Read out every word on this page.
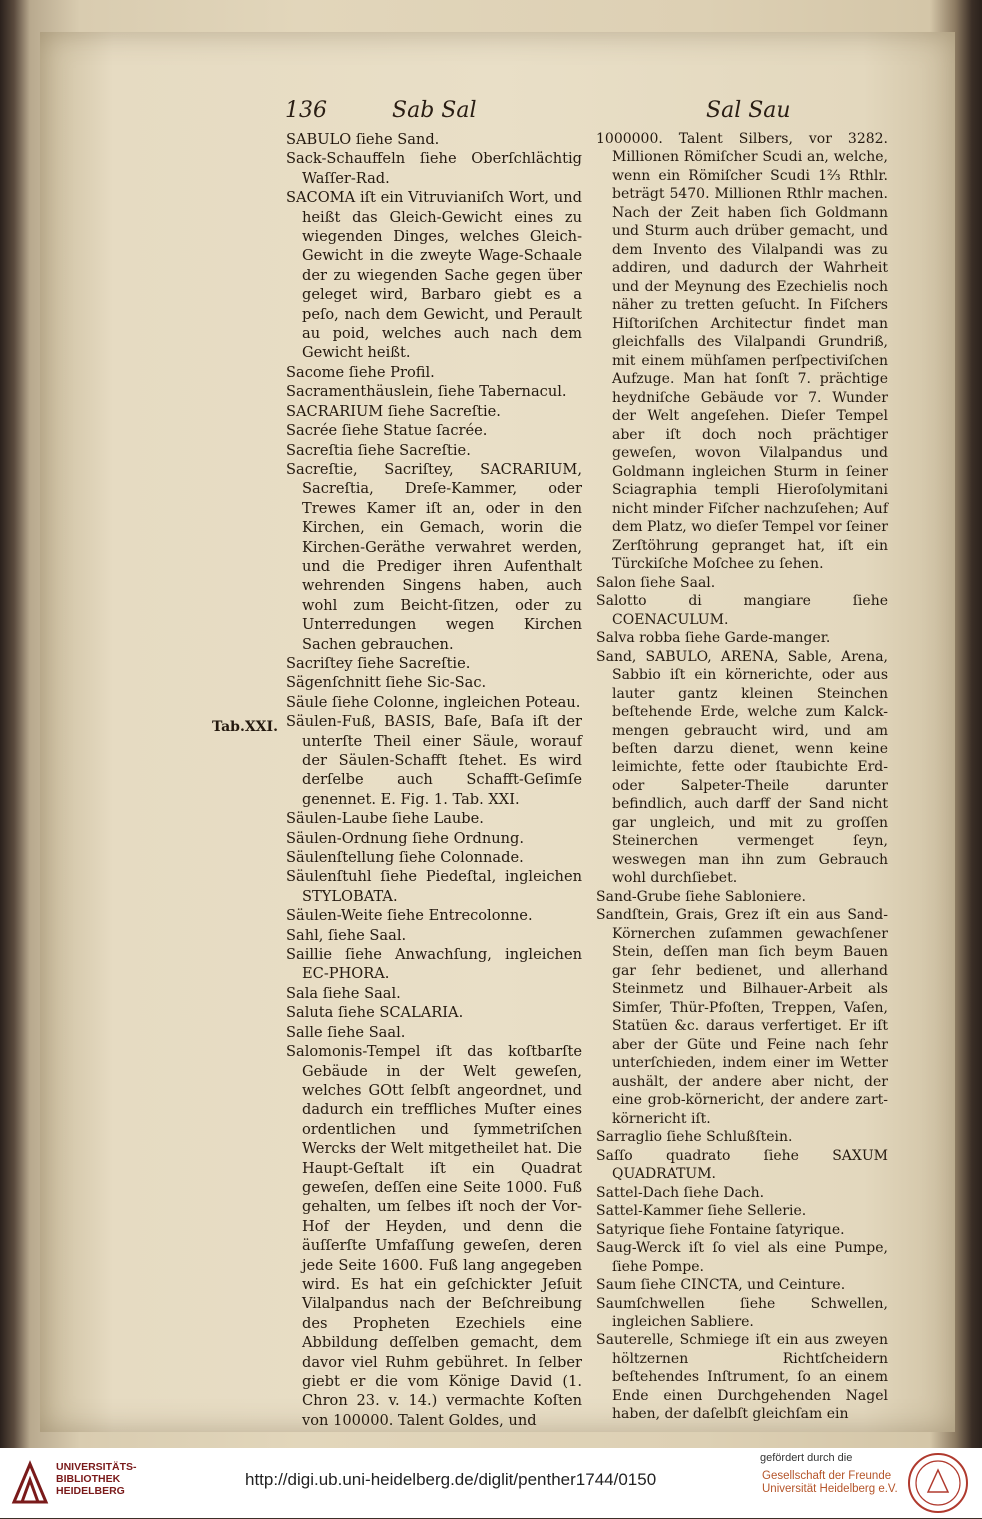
136	Sab Sal	Sal Sau
Tab.XXI.

SABULO ſiehe Sand.

Sack-Schauffeln ſiehe Oberſchlächtig Waſſer-Rad.

SACOMA iſt ein Vitruvianiſch Wort, und heißt das Gleich-Gewicht eines zu wiegenden Dinges, welches Gleich-Gewicht in die zweyte Wage-Schaale der zu wiegenden Sache gegen über geleget wird, Barbaro giebt es a peſo, nach dem Gewicht, und Perault au poid, welches auch nach dem Gewicht heißt.

Sacome ſiehe Profil.

Sacramenthäuslein, ſiehe Tabernacul.

SACRARIUM ſiehe Sacreſtie.

Sacrée ſiehe Statue ſacrée.

Sacreſtia ſiehe Sacreſtie.

Sacreſtie, Sacriſtey, SACRARIUM, Sacreſtia, Dreſe-Kammer, oder Trewes Kamer iſt an, oder in den Kirchen, ein Gemach, worin die Kirchen-Geräthe verwahret werden, und die Prediger ihren Aufenthalt wehrenden Singens haben, auch wohl zum Beicht-ſitzen, oder zu Unterredungen wegen Kirchen Sachen gebrauchen.

Sacriſtey ſiehe Sacreſtie.

Sägenſchnitt ſiehe Sic-Sac.

Säule ſiehe Colonne, ingleichen Poteau.

Säulen-Fuß, BASIS, Baſe, Baſa iſt der unterſte Theil einer Säule, worauf der Säulen-Schafft ſtehet. Es wird derſelbe auch Schafft-Geſimſe genennet. E. Fig. 1. Tab. XXI.

Säulen-Laube ſiehe Laube.

Säulen-Ordnung ſiehe Ordnung.

Säulenſtellung ſiehe Colonnade.

Säulenſtuhl ſiehe Piedeſtal, ingleichen STYLOBATA.

Säulen-Weite ſiehe Entrecolonne.

Sahl, ſiehe Saal.

Saillie ſiehe Anwachſung, ingleichen EC-PHORA.

Sala ſiehe Saal.

Saluta ſiehe SCALARIA.

Salle ſiehe Saal.

Salomonis-Tempel iſt das koſtbarſte Gebäude in der Welt geweſen, welches GOtt ſelbſt angeordnet, und dadurch ein treffliches Muſter eines ordentlichen und ſymmetriſchen Wercks der Welt mitgetheilet hat. Die Haupt-Geſtalt iſt ein Quadrat geweſen, deſſen eine Seite 1000. Fuß gehalten, um ſelbes iſt noch der Vor-Hof der Heyden, und denn die äuſſerſte Umfaſſung geweſen, deren jede Seite 1600. Fuß lang angegeben wird. Es hat ein geſchickter Jeſuit Vilalpandus nach der Beſchreibung des Propheten Ezechiels eine Abbildung deſſelben gemacht, dem davor viel Ruhm gebühret. In ſelber giebt er die vom Könige David (1. Chron 23. v. 14.) vermachte Koſten von 100000. Talent Goldes, und

1000000. Talent Silbers, vor 3282. Millionen Römiſcher Scudi an, welche, wenn ein Römiſcher Scudi 1⅔ Rthlr. beträgt 5470. Millionen Rthlr machen. Nach der Zeit haben ſich Goldmann und Sturm auch drüber gemacht, und dem Invento des Vilalpandi was zu addiren, und dadurch der Wahrheit und der Meynung des Ezechielis noch näher zu tretten geſucht. In Fiſchers Hiſtoriſchen Architectur findet man gleichfalls des Vilalpandi Grundriß, mit einem mühſamen perſpectiviſchen Aufzuge. Man hat ſonſt 7. prächtige heydniſche Gebäude vor 7. Wunder der Welt angeſehen. Dieſer Tempel aber iſt doch noch prächtiger geweſen, wovon Vilalpandus und Goldmann ingleichen Sturm in ſeiner Sciagraphia templi Hieroſolymitani nicht minder Fiſcher nachzuſehen; Auf dem Platz, wo dieſer Tempel vor ſeiner Zerſtöhrung gepranget hat, iſt ein Türckiſche Moſchee zu ſehen.

Salon ſiehe Saal.

Salotto di mangiare ſiehe COENACULUM.

Salva robba ſiehe Garde-manger.

Sand, SABULO, ARENA, Sable, Arena, Sabbio iſt ein körnerichte, oder aus lauter gantz kleinen Steinchen beſtehende Erde, welche zum Kalck-mengen gebraucht wird, und am beſten darzu dienet, wenn keine leimichte, fette oder ſtaubichte Erd-oder Salpeter-Theile darunter befindlich, auch darff der Sand nicht gar ungleich, und mit zu groſſen Steinerchen vermenget ſeyn, weswegen man ihn zum Gebrauch wohl durchſiebet.

Sand-Grube ſiehe Sabloniere.

Sandſtein, Grais, Grez iſt ein aus Sand-Körnerchen zuſammen gewachſener Stein, deſſen man ſich beym Bauen gar ſehr bedienet, und allerhand Steinmetz und Bilhauer-Arbeit als Simſer, Thür-Pfoſten, Treppen, Vaſen, Statüen &c. daraus verfertiget. Er iſt aber der Güte und Feine nach ſehr unterſchieden, indem einer im Wetter aushält, der andere aber nicht, der eine grob-körnericht, der andere zart-körnericht iſt.

Sarraglio ſiehe Schlußſtein.

Saſſo quadrato ſiehe SAXUM QUADRATUM.

Sattel-Dach ſiehe Dach.

Sattel-Kammer ſiehe Sellerie.

Satyrique ſiehe Fontaine ſatyrique.

Saug-Werck iſt ſo viel als eine Pumpe, ſiehe Pompe.

Saum ſiehe CINCTA, und Ceinture.

Saumſchwellen ſiehe Schwellen, ingleichen Sabliere.

Sauterelle, Schmiege iſt ein aus zweyen höltzernen Richtſcheidern beſtehendes Inſtrument, ſo an einem Ende einen Durchgehenden Nagel haben, der daſelbſt gleichſam ein

UNIVERSITÄTS-
BIBLIOTHEK
HEIDELBERG
http://digi.ub.uni-heidelberg.de/diglit/penther1744/0150
gefördert durch die
Gesellschaft der Freunde
Universität Heidelberg e.V.
